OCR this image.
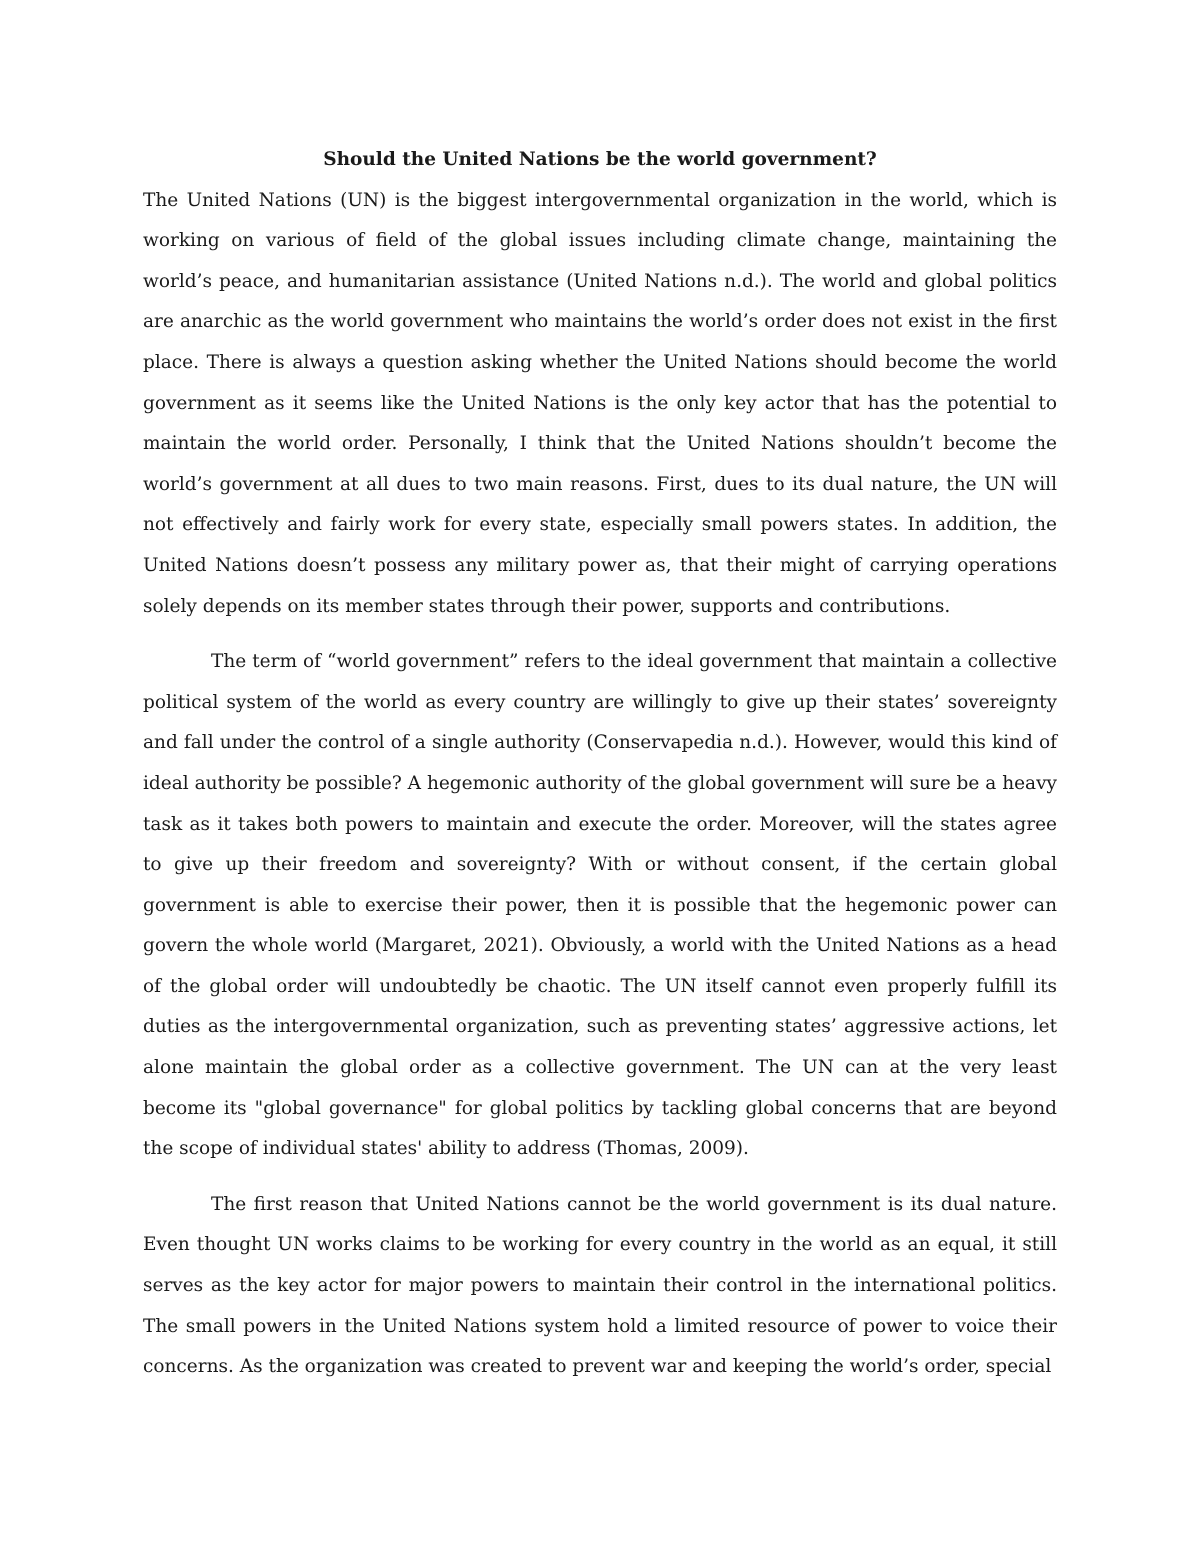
Should the United Nations be the world government?

The United Nations (UN) is the biggest intergovernmental organization in the world, which is working on various of field of the global issues including climate change, maintaining the world’s peace, and humanitarian assistance (United Nations n.d.). The world and global politics are anarchic as the world government who maintains the world’s order does not exist in the first place. There is always a question asking whether the United Nations should become the world government as it seems like the United Nations is the only key actor that has the potential to maintain the world order. Personally, I think that the United Nations shouldn’t become the world’s government at all dues to two main reasons. First, dues to its dual nature, the UN will not effectively and fairly work for every state, especially small powers states. In addition, the United Nations doesn’t possess any military power as, that their might of carrying operations solely depends on its member states through their power, supports and contributions.

The term of “world government” refers to the ideal government that maintain a collective political system of the world as every country are willingly to give up their states’ sovereignty and fall under the control of a single authority (Conservapedia n.d.). However, would this kind of ideal authority be possible? A hegemonic authority of the global government will sure be a heavy task as it takes both powers to maintain and execute the order. Moreover, will the states agree to give up their freedom and sovereignty? With or without consent, if the certain global government is able to exercise their power, then it is possible that the hegemonic power can govern the whole world (Margaret, 2021). Obviously, a world with the United Nations as a head of the global order will undoubtedly be chaotic. The UN itself cannot even properly fulfill its duties as the intergovernmental organization, such as preventing states’ aggressive actions, let alone maintain the global order as a collective government. The UN can at the very least become its "global governance" for global politics by tackling global concerns that are beyond the scope of individual states' ability to address (Thomas, 2009).

The first reason that United Nations cannot be the world government is its dual nature. Even thought UN works claims to be working for every country in the world as an equal, it still serves as the key actor for major powers to maintain their control in the international politics. The small powers in the United Nations system hold a limited resource of power to voice their concerns. As the organization was created to prevent war and keeping the world’s order, special
